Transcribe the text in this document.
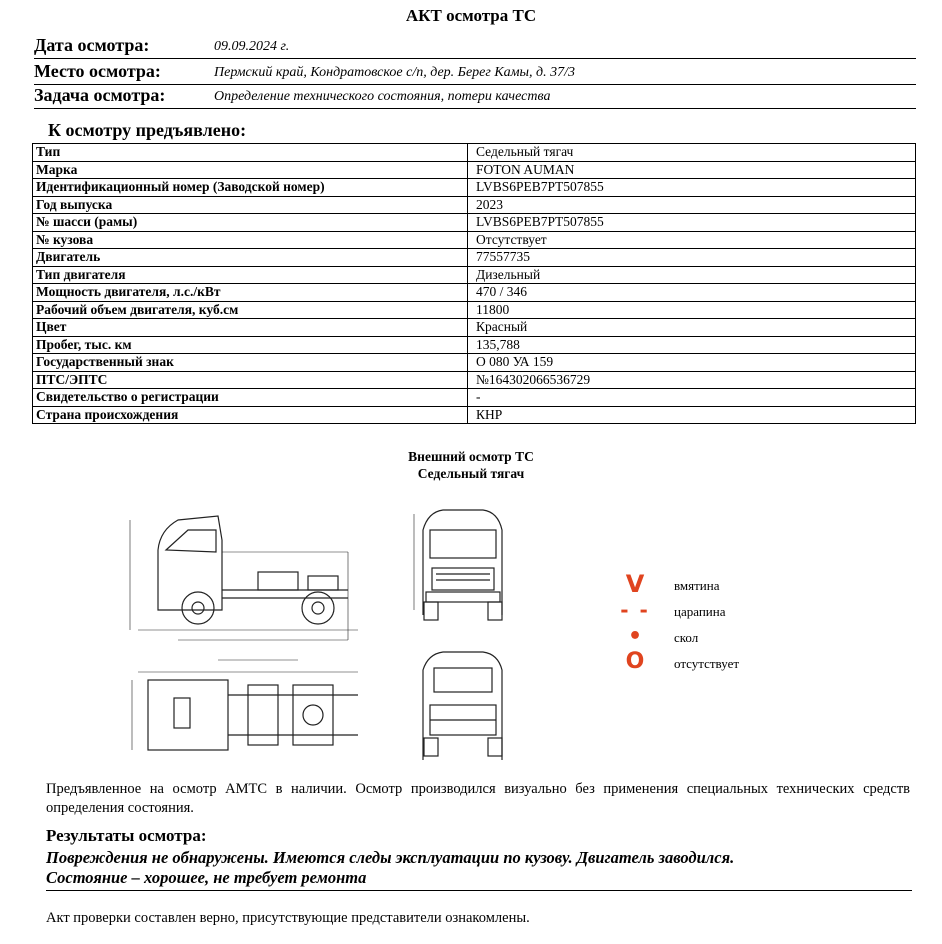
АКТ осмотра ТС
Дата осмотра:	09.09.2024 г.
Место осмотра:	Пермский край, Кондратовское с/п, дер. Берег Камы, д. 37/3
Задача осмотра:	Определение технического состояния, потери качества
К осмотру предъявлено:
Тип	Седельный тягач
Марка	FOTON AUMAN
Идентификационный номер (Заводской номер)	LVBS6PEB7PT507855
Год выпуска	2023
№ шасси (рамы)	LVBS6PEB7PT507855
№ кузова	Отсутствует
Двигатель	77557735
Тип двигателя	Дизельный
Мощность двигателя, л.с./кВт	470 / 346
Рабочий объем двигателя, куб.см	11800
Цвет	Красный
Пробег, тыс. км	135,788
Государственный знак	О 080 УА 159
ПТС/ЭПТС	№164302066536729
Свидетельство о регистрации	-
Страна происхождения	КНР
Внешний осмотр ТС
Седельный тягач
V	вмятина
- - царапина
• O
скол
отсутствует
Предъявленное на осмотр АМТС в наличии. Осмотр производился визуально без применения специальных технических средств определения состояния.
Результаты осмотра:
Повреждения не обнаружены. Имеются следы эксплуатации по кузову. Двигатель заводился.
Состояние – хорошее, не требует ремонта
Акт проверки составлен верно, присутствующие представители ознакомлены.
